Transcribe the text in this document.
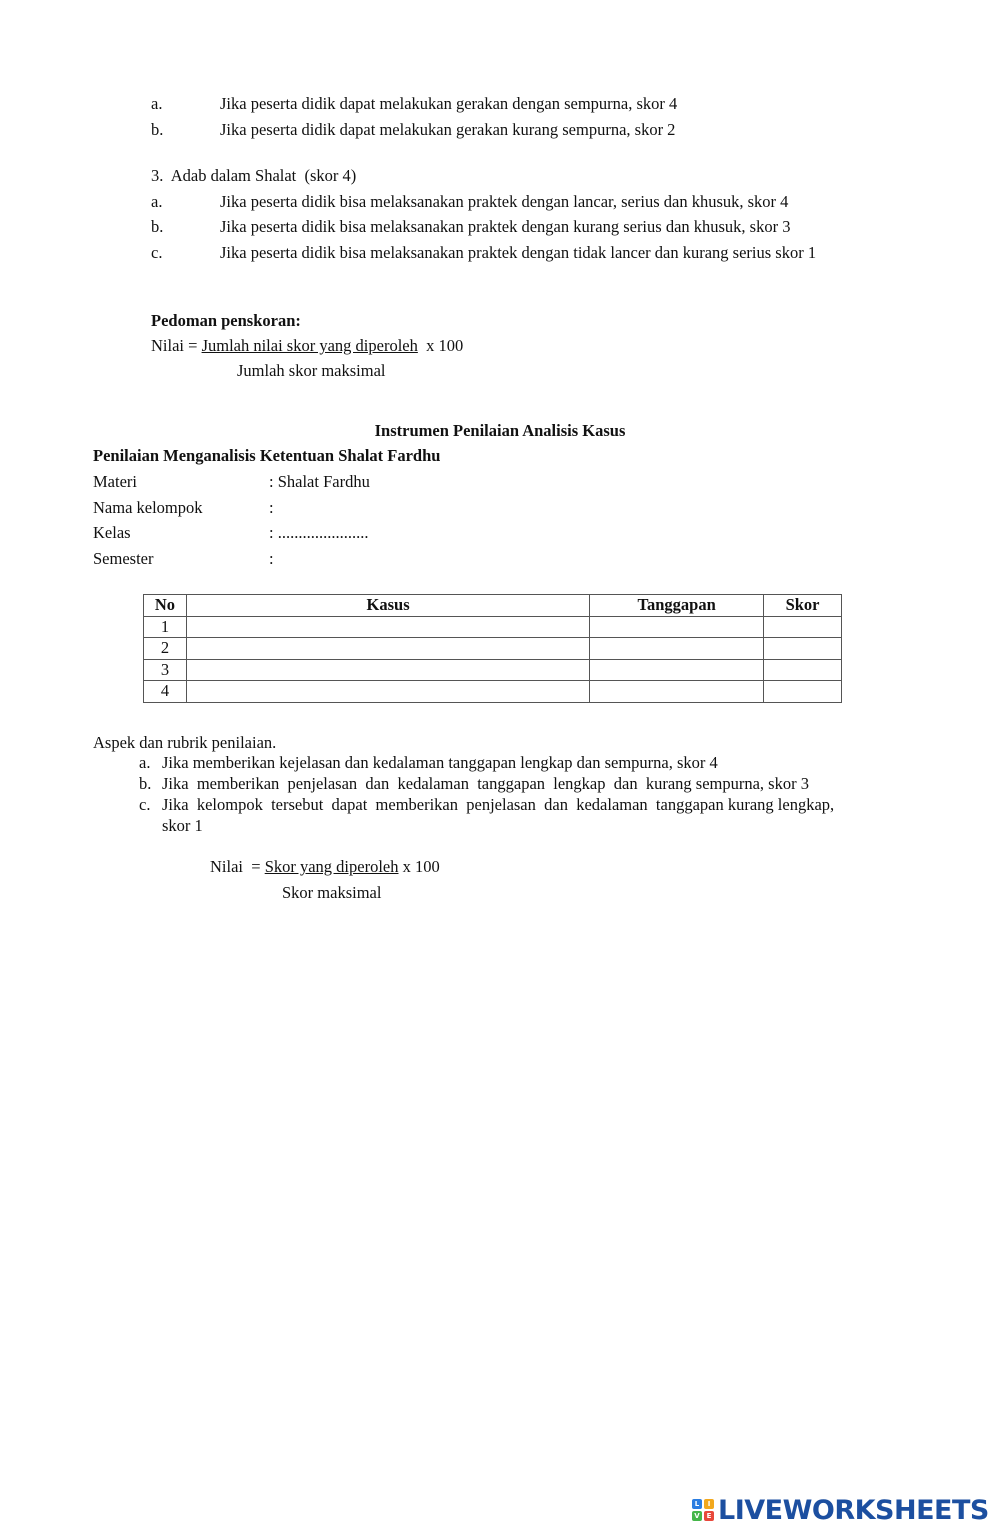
a.	Jika peserta didik dapat melakukan gerakan dengan sempurna, skor 4
b.	Jika peserta didik dapat melakukan gerakan kurang sempurna, skor 2
3.  Adab dalam Shalat  (skor 4)
a.	Jika peserta didik bisa melaksanakan praktek dengan lancar, serius dan khusuk, skor 4
b.	Jika peserta didik bisa melaksanakan praktek dengan kurang serius dan khusuk, skor 3
c.	Jika peserta didik bisa melaksanakan praktek dengan tidak lancer dan kurang serius skor 1
Pedoman penskoran:
Nilai = Jumlah nilai skor yang diperoleh  x 100
Jumlah skor maksimal
Instrumen Penilaian Analisis Kasus
Penilaian Menganalisis Ketentuan Shalat Fardhu
Materi	: Shalat Fardhu
Nama kelompok	:
Kelas	: ......................
Semester	:
No	Kasus	Tanggapan	Skor
1			
2			
3			
4			
Aspek dan rubrik penilaian.
a. Jika memberikan kejelasan dan kedalaman tanggapan lengkap dan sempurna, skor 4
b. Jika  memberikan  penjelasan  dan  kedalaman  tanggapan  lengkap  dan  kurang sempurna, skor 3
c. Jika  kelompok  tersebut  dapat  memberikan  penjelasan  dan  kedalaman  tanggapan kurang lengkap,
skor 1
Nilai  = Skor yang diperoleh x 100
Skor maksimal
L	I
V E LIVEWORKSHEETS
